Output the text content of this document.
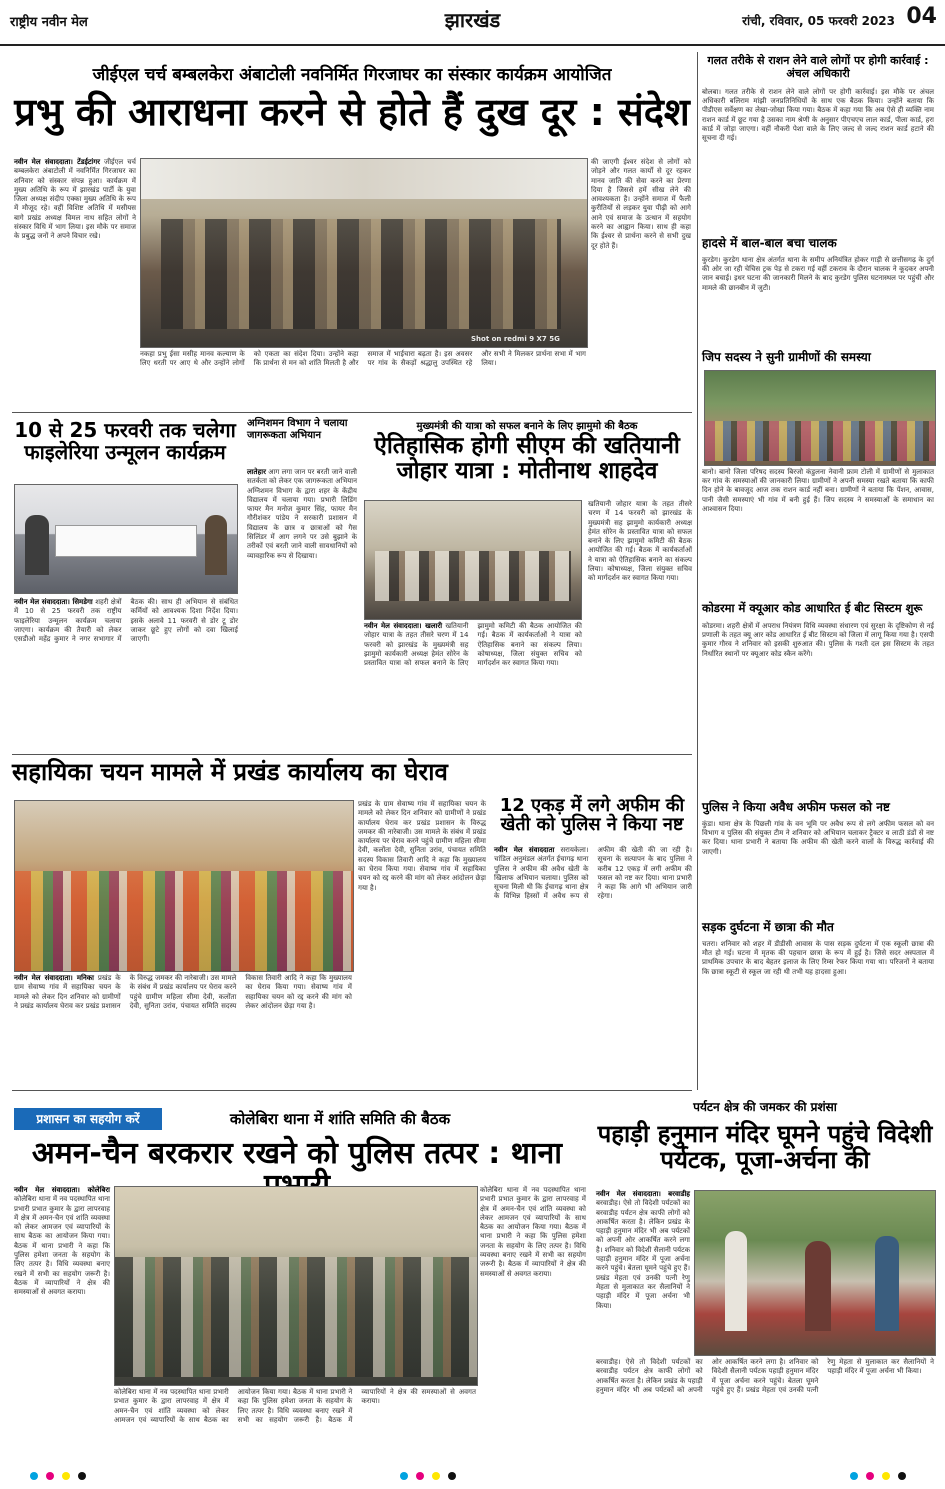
राष्ट्रीय नवीन मेल	झारखंड	रांची, रविवार, 05 फरवरी 2023 04
जीईएल चर्च बम्बलकेरा अंबाटोली नवनिर्मित गिरजाघर का संस्कार कार्यक्रम आयोजित
प्रभु की आराधना करने से होते हैं दुख दूर : संदेश

नवीन मेल संवाददाता। टेंडईटांगर जीईएल चर्च बम्बलकेरा अंबाटोली में नवनिर्मित गिरजाघर का शनिवार को संस्कार संपन्न हुआ। कार्यक्रम में मुख्य अतिथि के रूप में झारखंड पार्टी के युवा जिला अध्यक्ष संदीप एक्का मुख्य अतिथि के रूप में मौजूद रहे। वहीं विशिष्ट अतिथि में मसीयस बागे प्रखंड अध्यक्ष विमल नाथ सहित लोगों ने संस्कार विधि में भाग लिया। इस मौके पर समाज के प्रबुद्ध जनों ने अपने विचार रखे।

Shot on redmi 9 X7 5G

नकहा प्रभु ईसा मसीह मानव कल्याण के लिए धरती पर आए थे और उन्होंने लोगों को एकता का संदेश दिया। उन्होंने कहा कि प्रार्थना से मन को शांति मिलती है और समाज में भाईचारा बढ़ता है। इस अवसर पर गांव के सैकड़ों श्रद्धालु उपस्थित रहे और सभी ने मिलकर प्रार्थना सभा में भाग लिया।

की जाएगी ईश्वर संदेश से लोगों को जोड़ने और गलत कार्यों से दूर रहकर मानव जाति की सेवा करने का प्रेरणा दिया है जिससे हमें सीख लेने की आवश्यकता है। उन्होंने समाज में फैली कुरीतियों से लड़कर युवा पीढ़ी को आगे आने एवं समाज के उत्थान में सहयोग करने का आह्वान किया। साथ ही कहा कि ईश्वर से प्रार्थना करने से सभी दुख दूर होते हैं।

10 से 25 फरवरी तक चलेगा फाइलेरिया उन्मूलन कार्यक्रम

नवीन मेल संवाददाता। सिमडेगा शहरी क्षेत्रों में 10 से 25 फरवरी तक राष्ट्रीय फाइलेरिया उन्मूलन कार्यक्रम चलाया जाएगा। कार्यक्रम की तैयारी को लेकर एसडीओ महेंद्र कुमार ने नगर सभागार में बैठक की। साथ ही अभियान से संबंधित कर्मियों को आवश्यक दिशा निर्देश दिया। इसके अलावे 11 फरवरी से डोर टू डोर जाकर छूटे हुए लोगों को दवा खिलाई जाएगी।

अग्निशमन विभाग ने चलाया जागरूकता अभियान

लातेहार आग लगा जान पर बरती जाने वाली सतर्कता को लेकर एक जागरूकता अभियान अग्निशमन विभाग के द्वारा शहर के केंद्रीय विद्यालय में चलाया गया। प्रभारी लिडिंग फायर मैन मनोज कुमार सिंह, फायर मैन गौरीशंकर पांडेय ने सरकारी प्रशासन में विद्यालय के छात्र व छात्राओं को गैस सिलिंडर में आग लगने पर उसे बुझाने के तरीकों एवं बरती जाने वाली सावधानियों को व्यावहारिक रूप से दिखाया।

मुख्यमंत्री की यात्रा को सफल बनाने के लिए झामुमो की बैठक
ऐतिहासिक होगी सीएम की खतियानी जोहार यात्रा : मोतीनाथ शाहदेव

नवीन मेल संवाददाता। खलारी खतियानी जोहार यात्रा के तहत तीसरे चरण में 14 फरवरी को झारखंड के मुख्यमंत्री सह झामुमो कार्यकारी अध्यक्ष हेमंत सोरेन के प्रस्तावित यात्रा को सफल बनाने के लिए झामुमो कमिटी की बैठक आयोजित की गई। बैठक में कार्यकर्ताओं ने यात्रा को ऐतिहासिक बनाने का संकल्प लिया। कोषाध्यक्ष, जिला संयुक्त सचिव को मार्गदर्शन कर स्वागत किया गया।

खतियानी जोहार यात्रा के तहत तीसरे चरण में 14 फरवरी को झारखंड के मुख्यमंत्री सह झामुमो कार्यकारी अध्यक्ष हेमंत सोरेन के प्रस्तावित यात्रा को सफल बनाने के लिए झामुमो कमिटी की बैठक आयोजित की गई। बैठक में कार्यकर्ताओं ने यात्रा को ऐतिहासिक बनाने का संकल्प लिया। कोषाध्यक्ष, जिला संयुक्त सचिव को मार्गदर्शन कर स्वागत किया गया।

सहायिका चयन मामले में प्रखंड कार्यालय का घेराव

नवीन मेल संवाददाता। मनिका प्रखंड के ग्राम सेवाष्य गांव में सहायिका चयन के मामले को लेकर दिन शनिवार को ग्रामीणों ने प्रखंड कार्यालय घेराव कर प्रखंड प्रशासन के विरुद्ध जमकर की नारेबाजी। उस मामले के संबंध में प्रखंड कार्यालय पर घेराव करने पहुंचे ग्रामीण महिला सीमा देवी, कलोंता देवी, सुनिता उरांव, पंचायत समिति सदस्य विकास तिवारी आदि ने कहा कि मुख्यालय का घेराव किया गया। सेवाष्य गांव में सहायिका चयन को रद्द करने की मांग को लेकर आंदोलन छेड़ा गया है।

प्रखंड के ग्राम सेवाष्य गांव में सहायिका चयन के मामले को लेकर दिन शनिवार को ग्रामीणों ने प्रखंड कार्यालय घेराव कर प्रखंड प्रशासन के विरुद्ध जमकर की नारेबाजी। उस मामले के संबंध में प्रखंड कार्यालय पर घेराव करने पहुंचे ग्रामीण महिला सीमा देवी, कलोंता देवी, सुनिता उरांव, पंचायत समिति सदस्य विकास तिवारी आदि ने कहा कि मुख्यालय का घेराव किया गया। सेवाष्य गांव में सहायिका चयन को रद्द करने की मांग को लेकर आंदोलन छेड़ा गया है।

12 एकड़ में लगे अफीम की खेती को पुलिस ने किया नष्ट

नवीन मेल संवाददाता सरायकेला। चांडिल अनुमंडल अंतर्गत ईचागढ़ थाना पुलिस ने अफीम की अवैध खेती के खिलाफ अभियान चलाया। पुलिस को सूचना मिली थी कि ईचागढ़ थाना क्षेत्र के विभिन्न हिस्सों में अवैध रूप से अफीम की खेती की जा रही है। सूचना के सत्यापन के बाद पुलिस ने करीब 12 एकड़ में लगी अफीम की फसल को नष्ट कर दिया। थाना प्रभारी ने कहा कि आगे भी अभियान जारी रहेगा।

प्रशासन का सहयोग करें	कोलेबिरा थाना में शांति समिति की बैठक
अमन-चैन बरकरार रखने को पुलिस तत्पर : थाना

नवीन मेल संवाददाता। कोलेबिरा कोलेबिरा थाना में नव पदस्थापित थाना प्रभारी प्रभात कुमार के द्वारा लापरवाह में क्षेत्र में अमन-चैन एवं शांति व्यवस्था को लेकर आमजन एवं व्यापारियों के साथ बैठक का आयोजन किया गया। बैठक में थाना प्रभारी ने कहा कि पुलिस हमेशा जनता के सहयोग के लिए तत्पर है। विधि व्यवस्था बनाए रखने में सभी का सहयोग जरूरी है। बैठक में व्यापारियों ने क्षेत्र की समस्याओं से अवगत कराया।

कोलेबिरा थाना में नव पदस्थापित थाना प्रभारी प्रभात कुमार के द्वारा लापरवाह में क्षेत्र में अमन-चैन एवं शांति व्यवस्था को लेकर आमजन एवं व्यापारियों के साथ बैठक का आयोजन किया गया। बैठक में थाना प्रभारी ने कहा कि पुलिस हमेशा जनता के सहयोग के लिए तत्पर है। विधि व्यवस्था बनाए रखने में सभी का सहयोग जरूरी है। बैठक में व्यापारियों ने क्षेत्र की समस्याओं से अवगत कराया।

कोलेबिरा थाना में नव पदस्थापित थाना प्रभारी प्रभात कुमार के द्वारा लापरवाह में क्षेत्र में अमन-चैन एवं शांति व्यवस्था को लेकर आमजन एवं व्यापारियों के साथ बैठक का आयोजन किया गया। बैठक में थाना प्रभारी ने कहा कि पुलिस हमेशा जनता के सहयोग के लिए तत्पर है। विधि व्यवस्था बनाए रखने में सभी का सहयोग जरूरी है। बैठक में व्यापारियों ने क्षेत्र की समस्याओं से अवगत कराया।

पर्यटन क्षेत्र की जमकर की प्रशंसा
पहाड़ी हनुमान मंदिर घूमने पहुंचे विदेशी पर्यटक, पूजा-अर्चना की

नवीन मेल संवाददाता। बरवाडीह बरवाडीह। ऐसे तो विदेशी पर्यटकों का बरवाडीह पर्यटन क्षेत्र काफी लोगों को आकर्षित करता है। लेकिन प्रखंड के पहाड़ी हनुमान मंदिर भी अब पर्यटकों को अपनी ओर आकर्षित करने लगा है। शनिवार को विदेशी सैलानी पर्यटक पहाड़ी हनुमान मंदिर में पूजा अर्चना करने पहुंचे। बेतला घूमने पहुंचे हुए हैं। प्रखंड मेहता एवं उनकी पत्नी रेणु मेहता से मुलाकात कर सैलानियों ने पहाड़ी मंदिर में पूजा अर्चना भी किया।

बरवाडीह। ऐसे तो विदेशी पर्यटकों का बरवाडीह पर्यटन क्षेत्र काफी लोगों को आकर्षित करता है। लेकिन प्रखंड के पहाड़ी हनुमान मंदिर भी अब पर्यटकों को अपनी ओर आकर्षित करने लगा है। शनिवार को विदेशी सैलानी पर्यटक पहाड़ी हनुमान मंदिर में पूजा अर्चना करने पहुंचे। बेतला घूमने पहुंचे हुए हैं। प्रखंड मेहता एवं उनकी पत्नी रेणु मेहता से मुलाकात कर सैलानियों ने पहाड़ी मंदिर में पूजा अर्चना भी किया।

गलत तरीके से राशन लेने वाले लोगों पर होगी कार्रवाई : अंचल अधिकारी
बोलबा। गलत तरीके से राशन लेने वाले लोगों पर होगी कार्रवाई। इस मौके पर अंचल अधिकारी बलिराम मांझी जनप्रतिनिधियों के साथ एक बैठक किया। उन्होंने बताया कि पीडीएस सर्वेक्षण का लेखा-जोखा किया गया। बैठक में कहा गया कि अब ऐसे ही व्यक्ति नाम राशन कार्ड में छूट गया है उसका नाम श्रेणी के अनुसार पीएचएच लाल कार्ड, पीला कार्ड, हरा कार्ड में जोड़ा जाएगा। वहीं नौकरी पेशा वाले के लिए जल्द से जल्द राशन कार्ड हटाने की सूचना दी गई।
हादसे में बाल-बाल बचा चालक
कुरडेग। कुरडेग थाना क्षेत्र अंतर्गत थाना के समीप अनियंत्रित होकर गाड़ी से छत्तीसगढ़ के दुर्ग की ओर जा रही चेचिस ट्रक पेड़ से टकरा गई वहीं टकराव के दौरान चालक ने कूदकर अपनी जान बचाई। इधर घटना की जानकारी मिलने के बाद कुरडेग पुलिस घटनास्थल पर पहुंची और मामले की छानबीन में जुटी।
जिप सदस्य ने सुनी ग्रामीणों की समस्या
बानो। बानो जिला परिषद सदस्य बिरजो कंडुलना नेवानी फ्राम टोली में ग्रामीणों से मुलाकात कर गांव के समस्याओं की जानकारी लिया। ग्रामीणों ने अपनी समस्या रखते बताया कि काफी दिन होने के बावजूद आज तक राशन कार्ड नहीं बना। ग्रामीणों ने बताया कि पेंशन, आवास, पानी जैसी समस्याएं भी गांव में बनी हुई हैं। जिप सदस्य ने समस्याओं के समाधान का आश्वासन दिया।
कोडरमा में क्यूआर कोड आधारित ई बीट सिस्टम शुरू
कोडरमा। शहरी क्षेत्रों में अपराध नियंत्रण विधि व्यवस्था संधारण एवं सुरक्षा के दृष्टिकोण से नई प्रणाली के तहत क्यू आर कोड आधारित ई बीट सिस्टम को जिला में लागू किया गया है। एसपी कुमार गौरव ने शनिवार को इसकी शुरुआत की। पुलिस के गश्ती दल इस सिस्टम के तहत निर्धारित स्थानों पर क्यूआर कोड स्कैन करेंगे।
पुलिस ने किया अवैध अफीम फसल को नष्ट
कुंडा। थाना क्षेत्र के पिछली गांव के वन भूमि पर अवैध रूप से लगे अफीम फसल को वन विभाग व पुलिस की संयुक्त टीम ने शनिवार को अभियान चलाकर ट्रैक्टर व लाठी डंडों से नष्ट कर दिया। थाना प्रभारी ने बताया कि अफीम की खेती करने वालों के विरुद्ध कार्रवाई की जाएगी।
सड़क दुर्घटना में छात्रा की मौत
चतरा। शनिवार को शहर में डीडीसी आवास के पास सड़क दुर्घटना में एक स्कूली छात्रा की मौत हो गई। घटना में मृतक की पहचान छात्रा के रूप में हुई है। जिसे सदर अस्पताल में प्राथमिक उपचार के बाद बेहतर इलाज के लिए रिम्स रेफर किया गया था। परिजनों ने बताया कि छात्रा स्कूटी से स्कूल जा रही थी तभी यह हादसा हुआ।
